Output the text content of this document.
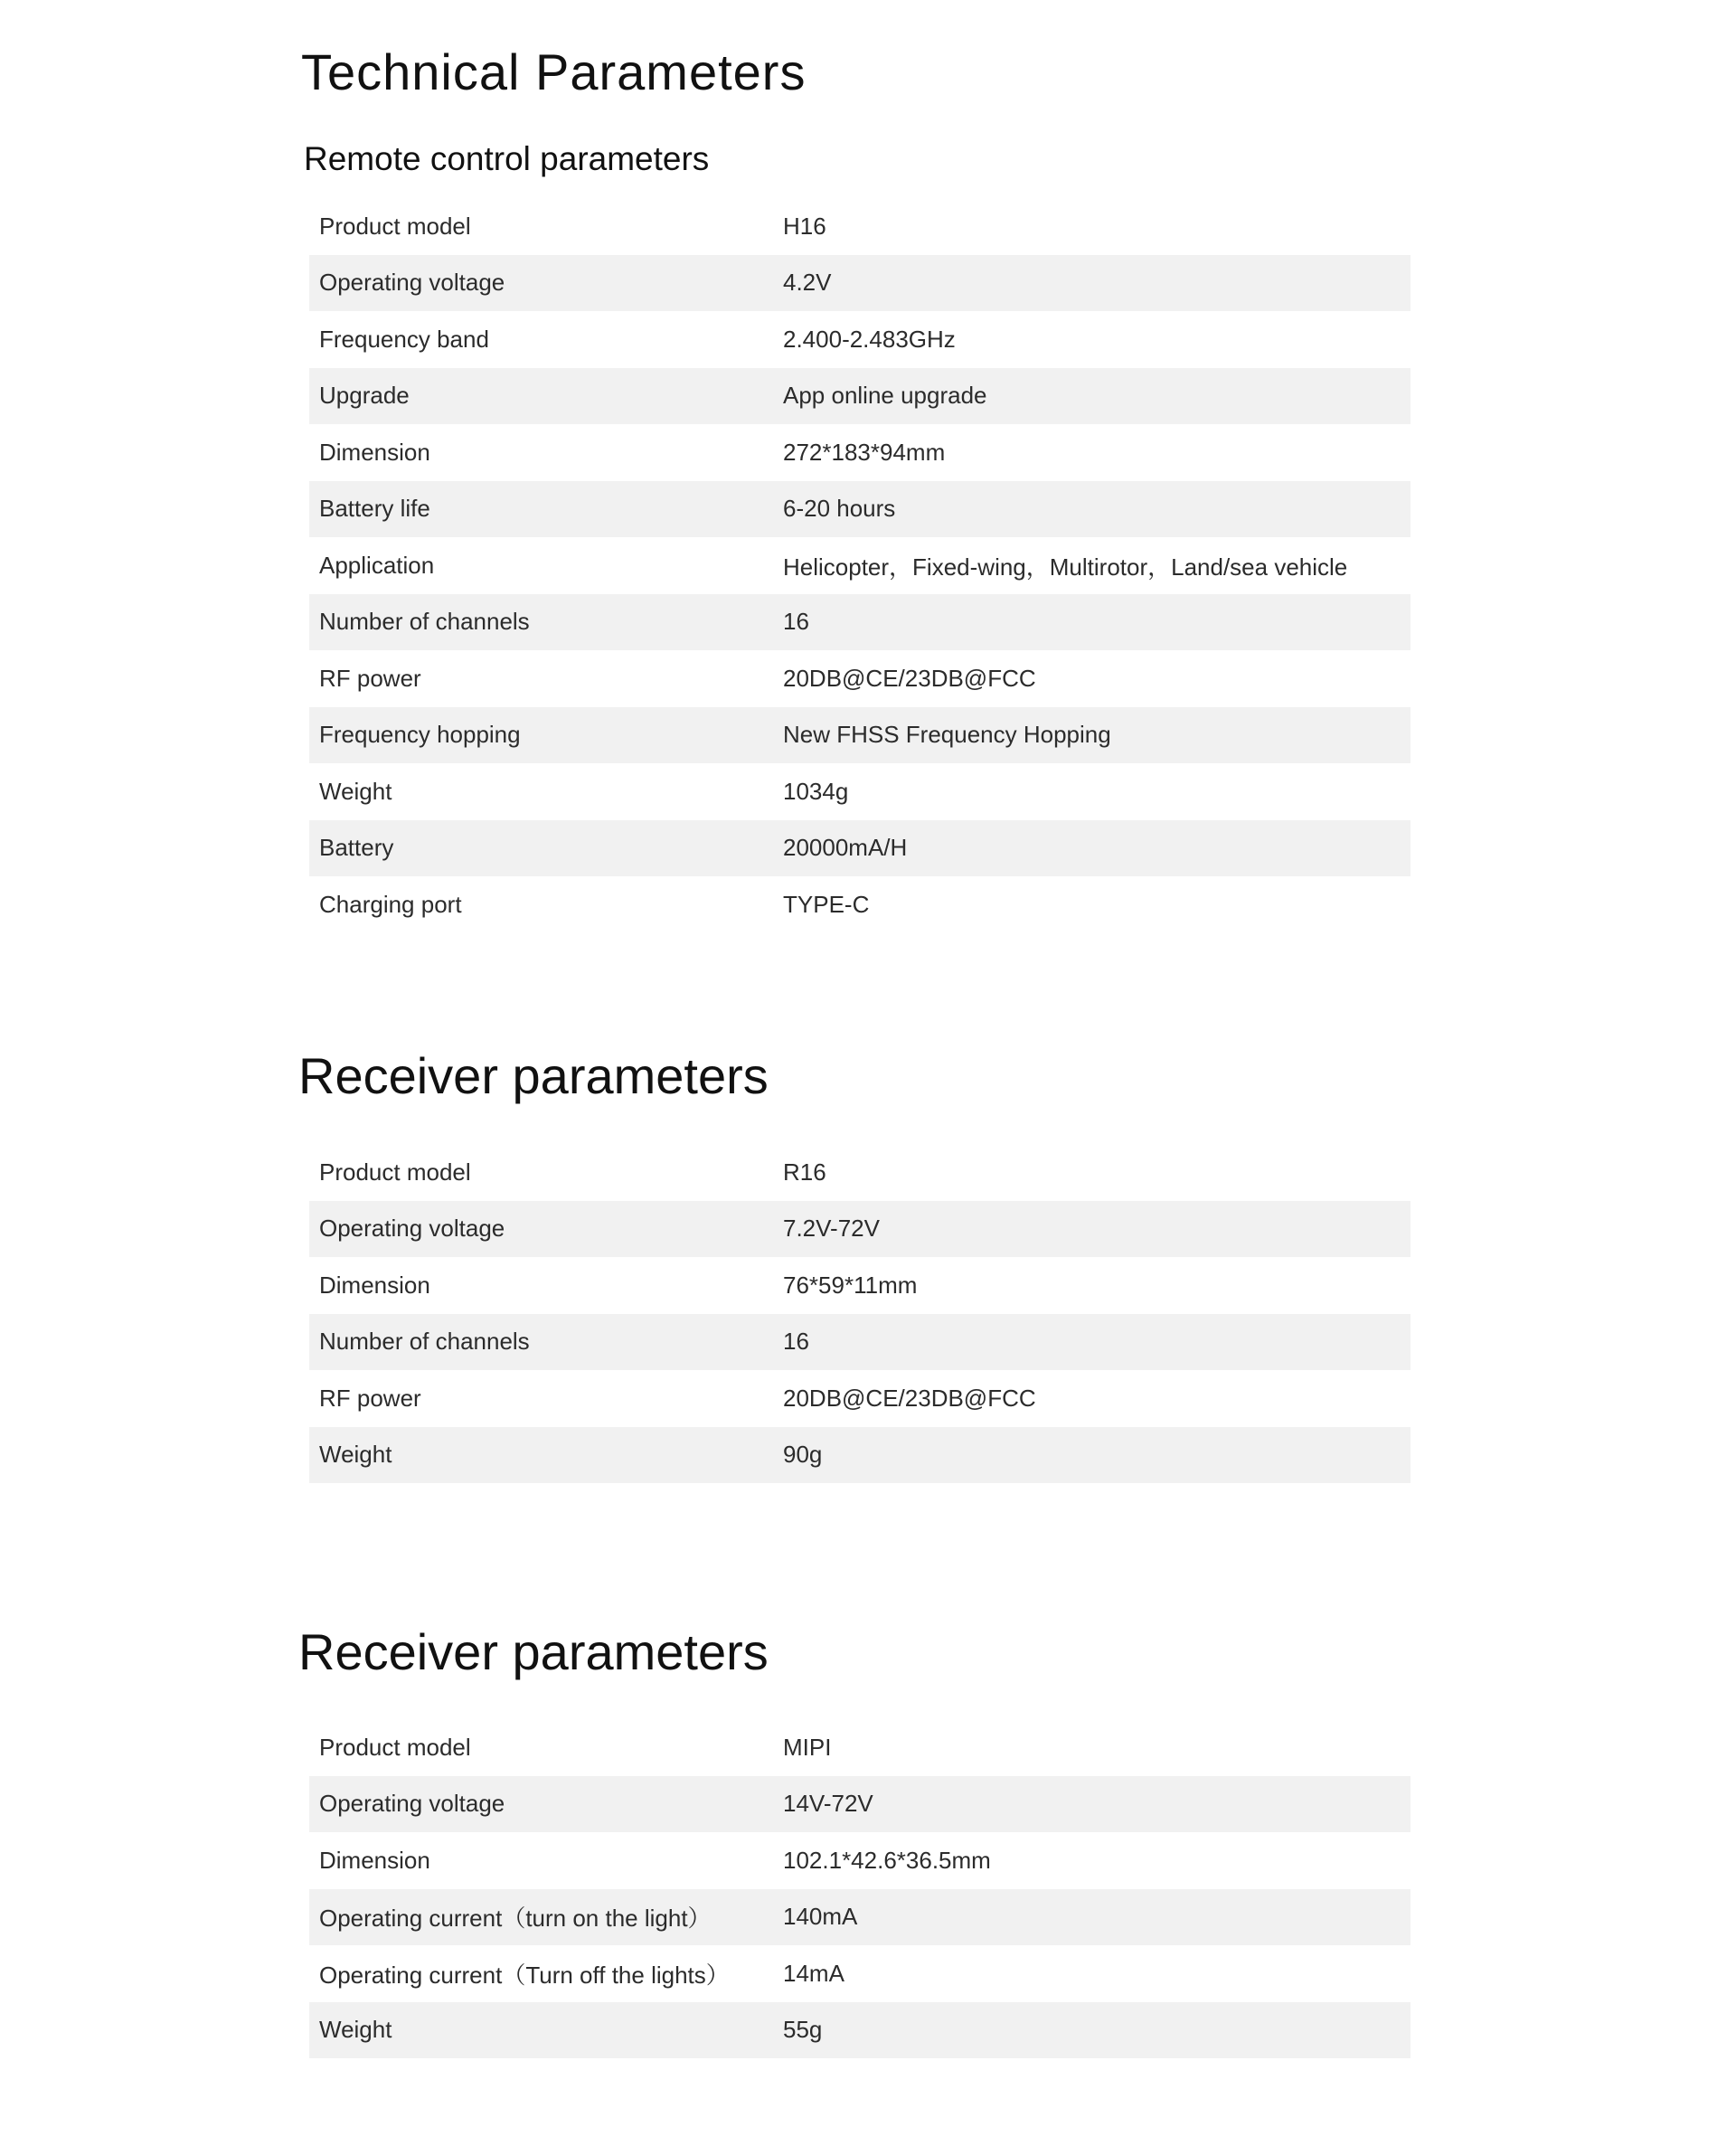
Technical Parameters
Remote control parameters
Product model	H16
Operating voltage	4.2V
Frequency band	2.400-2.483GHz
Upgrade	App online upgrade
Dimension	272*183*94mm
Battery life	6-20 hours
Application	Helicopter，Fixed-wing，Multirotor，Land/sea vehicle
Number of channels	16
RF power	20DB@CE/23DB@FCC
Frequency hopping	New FHSS Frequency Hopping
Weight	1034g
Battery	20000mA/H
Charging port	TYPE-C
Receiver parameters
Product model	R16
Operating voltage	7.2V-72V
Dimension	76*59*11mm
Number of channels	16
RF power	20DB@CE/23DB@FCC
Weight	90g
Receiver parameters
Product model	MIPI
Operating voltage	14V-72V
Dimension	102.1*42.6*36.5mm
Operating current（turn on the light）	140mA
Operating current（Turn off the lights）	14mA
Weight	55g
